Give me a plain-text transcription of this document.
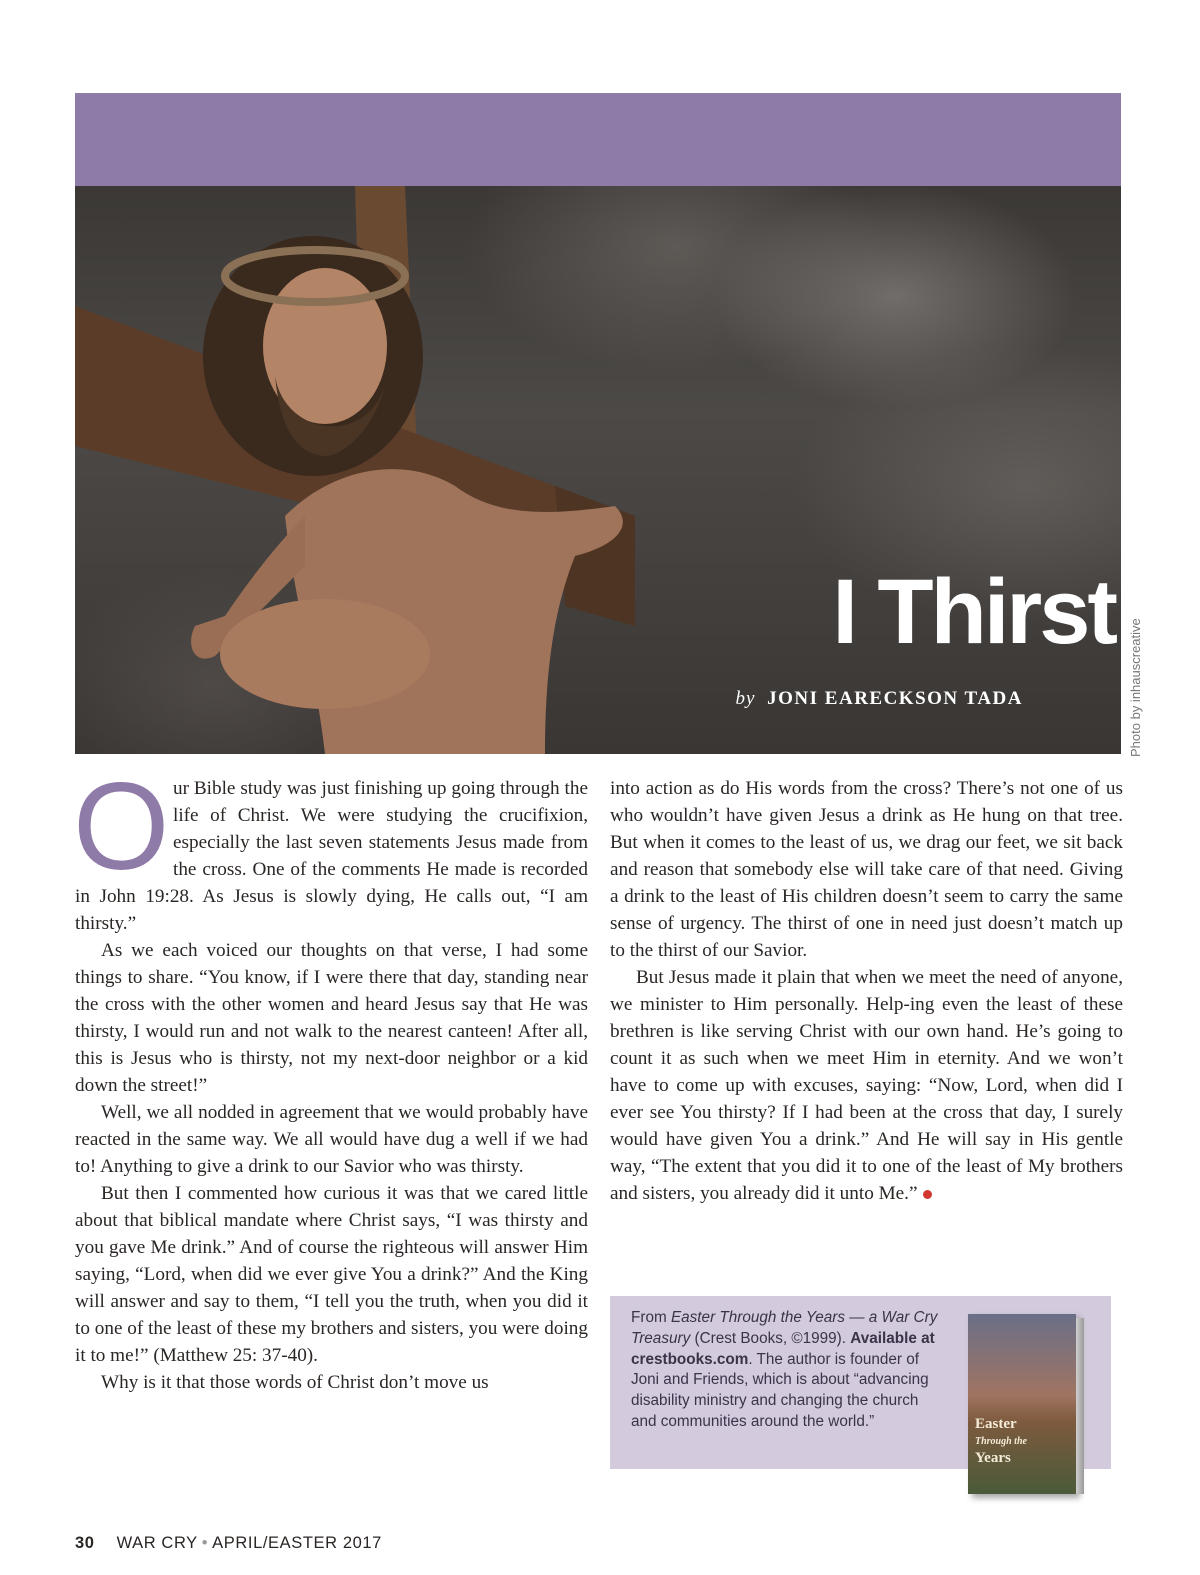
I Thirst
by JONI EARECKSON TADA	Photo by inhauscreative

Our Bible study was just finishing up going through the life of Christ. We were studying the crucifixion, especially the last seven statements Jesus made from the cross. One of the comments He made is recorded in John 19:28. As Jesus is slowly dying, He calls out, “I am thirsty.”

As we each voiced our thoughts on that verse, I had some things to share. “You know, if I were there that day, standing near the cross with the other women and heard Jesus say that He was thirsty, I would run and not walk to the nearest canteen! After all, this is Jesus who is thirsty, not my next-door neighbor or a kid down the street!”

Well, we all nodded in agreement that we would probably have reacted in the same way. We all would have dug a well if we had to! Anything to give a drink to our Savior who was thirsty.

But then I commented how curious it was that we cared little about that biblical mandate where Christ says, “I was thirsty and you gave Me drink.” And of course the righteous will answer Him saying, “Lord, when did we ever give You a drink?” And the King will answer and say to them, “I tell you the truth, when you did it to one of the least of these my brothers and sisters, you were doing it to me!” (Matthew 25: 37-40).

Why is it that those words of Christ don’t move us

into action as do His words from the cross? There’s not one of us who wouldn’t have given Jesus a drink as He hung on that tree. But when it comes to the least of us, we drag our feet, we sit back and reason that somebody else will take care of that need. Giving a drink to the least of His children doesn’t seem to carry the same sense of urgency. The thirst of one in need just doesn’t match up to the thirst of our Savior.

But Jesus made it plain that when we meet the need of anyone, we minister to Him personally. Help-ing even the least of these brethren is like serving Christ with our own hand. He’s going to count it as such when we meet Him in eternity. And we won’t have to come up with excuses, saying: “Now, Lord, when did I ever see You thirsty? If I had been at the cross that day, I surely would have given You a drink.” And He will say in His gentle way, “The extent that you did it to one of the least of My brothers and sisters, you already did it unto Me.”

From Easter Through the Years — a War Cry Treasury (Crest Books, ©1999). Available at crestbooks.com. The author is founder of Joni and Friends, which is about “advancing disability ministry and changing the church and communities around the world.”	Easter
Through the
Years
30 WAR CRY • APRIL/EASTER 2017
